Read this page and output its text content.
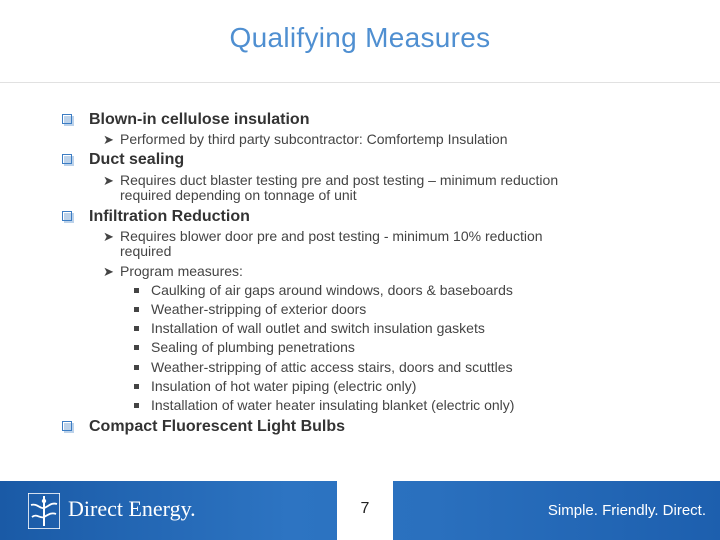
Qualifying Measures
Blown-in cellulose insulation
➤ Performed by third party subcontractor: Comfortemp Insulation
Duct sealing
➤ Requires duct blaster testing pre and post testing – minimum reduction
required depending on tonnage of unit
Infiltration Reduction
➤ Requires blower door pre and post testing - minimum 10% reduction
required
➤ Program measures:
Caulking of air gaps around windows, doors & baseboards
Weather-stripping of exterior doors
Installation of wall outlet and switch insulation gaskets
Sealing of plumbing penetrations
Weather-stripping of attic access stairs, doors and scuttles
Insulation of hot water piping (electric only)
Installation of water heater insulating blanket (electric only)
Compact Fluorescent Light Bulbs
Direct Energy.	7	Simple. Friendly. Direct.
